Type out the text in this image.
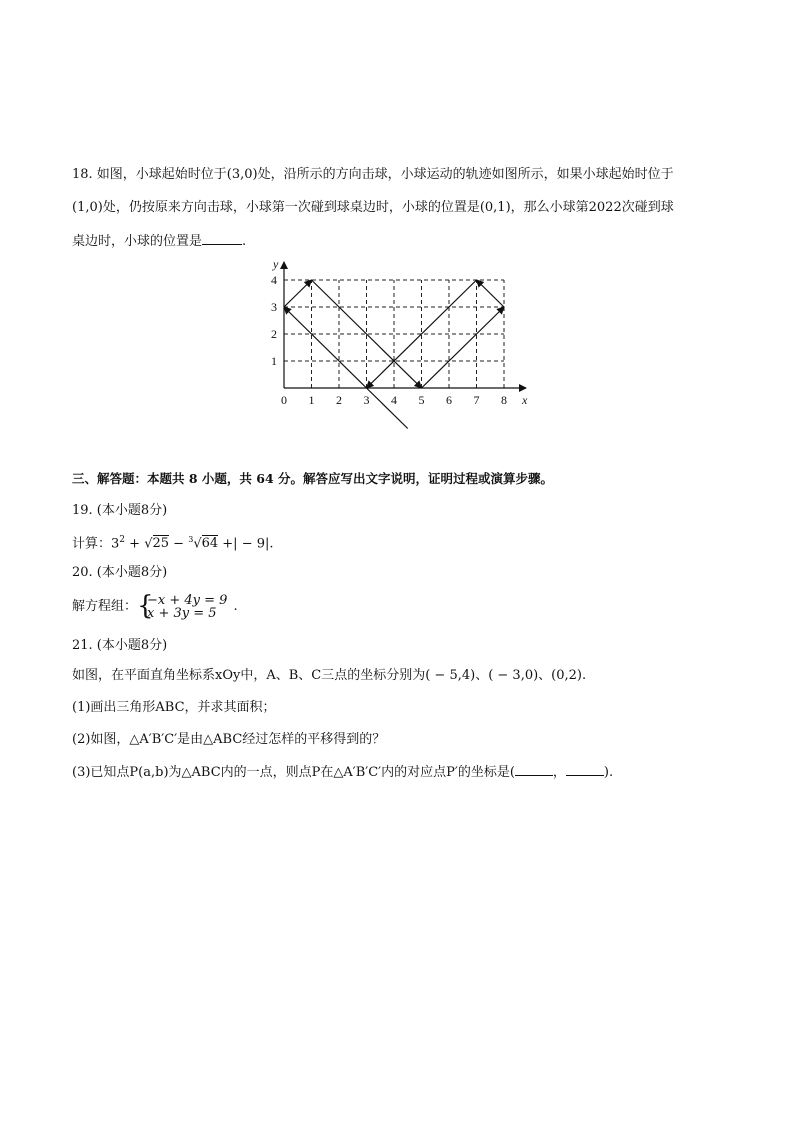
18. 如图，小球起始时位于(3,0)处，沿所示的方向击球，小球运动的轨迹如图所示，如果小球起始时位于
(1,0)处，仍按原来方向击球，小球第一次碰到球桌边时，小球的位置是(0,1)，那么小球第2022次碰到球
桌边时，小球的位置是	.
0 1 2 3 4 5 6 7 8
1
2
3
4
x
y
三、解答题：本题共 8 小题，共 64 分。解答应写出文字说明，证明过程或演算步骤。
19. (本小题8分)
计算：$3^2 + √25 - ^3√64$ +| − 9|.
20. (本小题8分)
解方程组： {
−x + 4y = 9
x + 3y = 5	.
21. (本小题8分)
如图，在平面直角坐标系xOy中，A、B、C三点的坐标分别为( − 5,4)、( − 3,0)、(0,2).
(1)画出三角形ABC，并求其面积；
(2)如图，△A′B′C′是由△ABC经过怎样的平移得到的？
(3)已知点P(a,b)为△ABC内的一点，则点P在△A′B′C′内的对应点P′的坐标是(	，	).
